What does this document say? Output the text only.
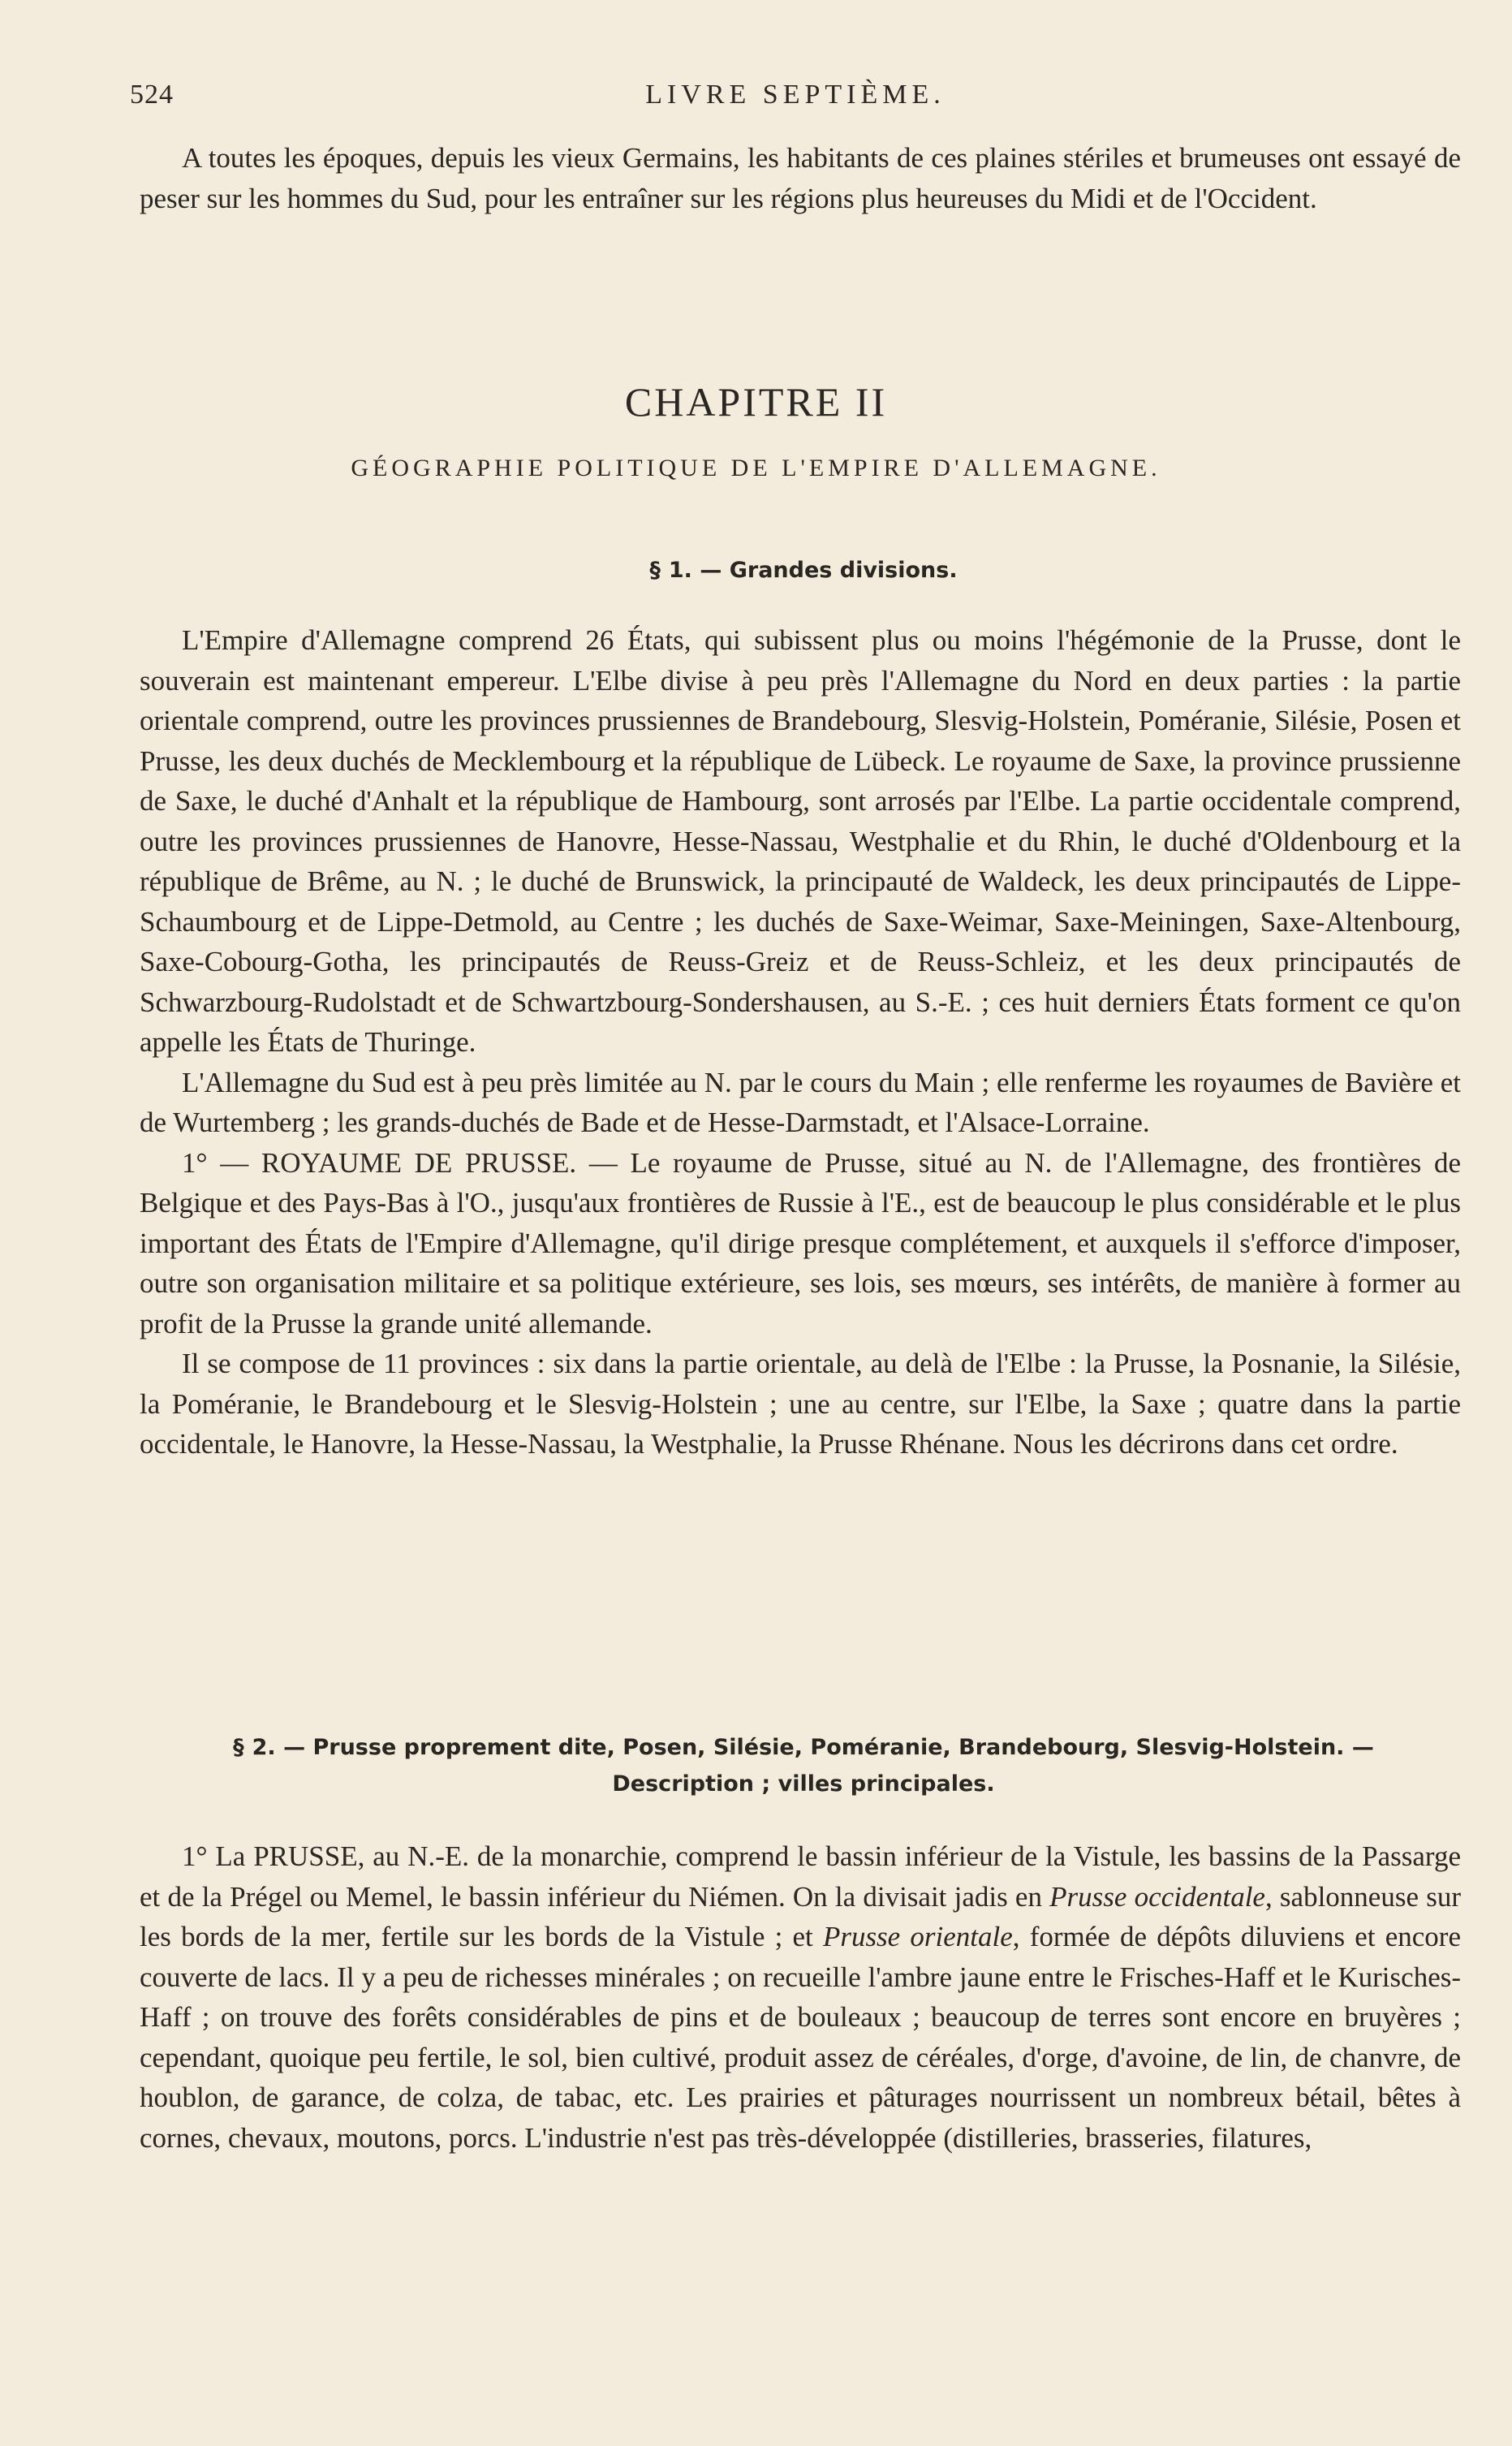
524	LIVRE SEPTIÈME.

A toutes les époques, depuis les vieux Germains, les habitants de ces plaines stériles et brumeuses ont essayé de peser sur les hommes du Sud, pour les entraîner sur les régions plus heureuses du Midi et de l'Occident.

CHAPITRE II
GÉOGRAPHIE POLITIQUE DE L'EMPIRE D'ALLEMAGNE.
§ 1. — Grandes divisions.

L'Empire d'Allemagne comprend 26 États, qui subissent plus ou moins l'hégémonie de la Prusse, dont le souverain est maintenant empereur. L'Elbe divise à peu près l'Allemagne du Nord en deux parties : la partie orientale comprend, outre les provinces prussiennes de Brandebourg, Slesvig-Holstein, Poméranie, Silésie, Posen et Prusse, les deux duchés de Mecklembourg et la république de Lübeck. Le royaume de Saxe, la province prussienne de Saxe, le duché d'Anhalt et la république de Hambourg, sont arrosés par l'Elbe. La partie occidentale comprend, outre les provinces prussiennes de Hanovre, Hesse-Nassau, Westphalie et du Rhin, le duché d'Oldenbourg et la république de Brême, au N. ; le duché de Brunswick, la principauté de Waldeck, les deux principautés de Lippe-Schaumbourg et de Lippe-Detmold, au Centre ; les duchés de Saxe-Weimar, Saxe-Meiningen, Saxe-Altenbourg, Saxe-Cobourg-Gotha, les principautés de Reuss-Greiz et de Reuss-Schleiz, et les deux principautés de Schwarzbourg-Rudolstadt et de Schwartzbourg-Sondershausen, au S.-E. ; ces huit derniers États forment ce qu'on appelle les États de Thuringe.

L'Allemagne du Sud est à peu près limitée au N. par le cours du Main ; elle renferme les royaumes de Bavière et de Wurtemberg ; les grands-duchés de Bade et de Hesse-Darmstadt, et l'Alsace-Lorraine.

1° — ROYAUME DE PRUSSE. — Le royaume de Prusse, situé au N. de l'Allemagne, des frontières de Belgique et des Pays-Bas à l'O., jusqu'aux frontières de Russie à l'E., est de beaucoup le plus considérable et le plus important des États de l'Empire d'Allemagne, qu'il dirige presque complétement, et auxquels il s'efforce d'imposer, outre son organisation militaire et sa politique extérieure, ses lois, ses mœurs, ses intérêts, de manière à former au profit de la Prusse la grande unité allemande.

Il se compose de 11 provinces : six dans la partie orientale, au delà de l'Elbe : la Prusse, la Posnanie, la Silésie, la Poméranie, le Brandebourg et le Slesvig-Holstein ; une au centre, sur l'Elbe, la Saxe ; quatre dans la partie occidentale, le Hanovre, la Hesse-Nassau, la Westphalie, la Prusse Rhénane. Nous les décrirons dans cet ordre.

§ 2. — Prusse proprement dite, Posen, Silésie, Poméranie, Brandebourg, Slesvig-Holstein. —
Description ; villes principales.

1° La PRUSSE, au N.-E. de la monarchie, comprend le bassin inférieur de la Vistule, les bassins de la Passarge et de la Prégel ou Memel, le bassin inférieur du Niémen. On la divisait jadis en Prusse occidentale, sablonneuse sur les bords de la mer, fertile sur les bords de la Vistule ; et Prusse orientale, formée de dépôts diluviens et encore couverte de lacs. Il y a peu de richesses minérales ; on recueille l'ambre jaune entre le Frisches-Haff et le Kurisches-Haff ; on trouve des forêts considérables de pins et de bouleaux ; beaucoup de terres sont encore en bruyères ; cependant, quoique peu fertile, le sol, bien cultivé, produit assez de céréales, d'orge, d'avoine, de lin, de chanvre, de houblon, de garance, de colza, de tabac, etc. Les prairies et pâturages nourrissent un nombreux bétail, bêtes à cornes, chevaux, moutons, porcs. L'industrie n'est pas très-développée (distilleries, brasseries, filatures,
